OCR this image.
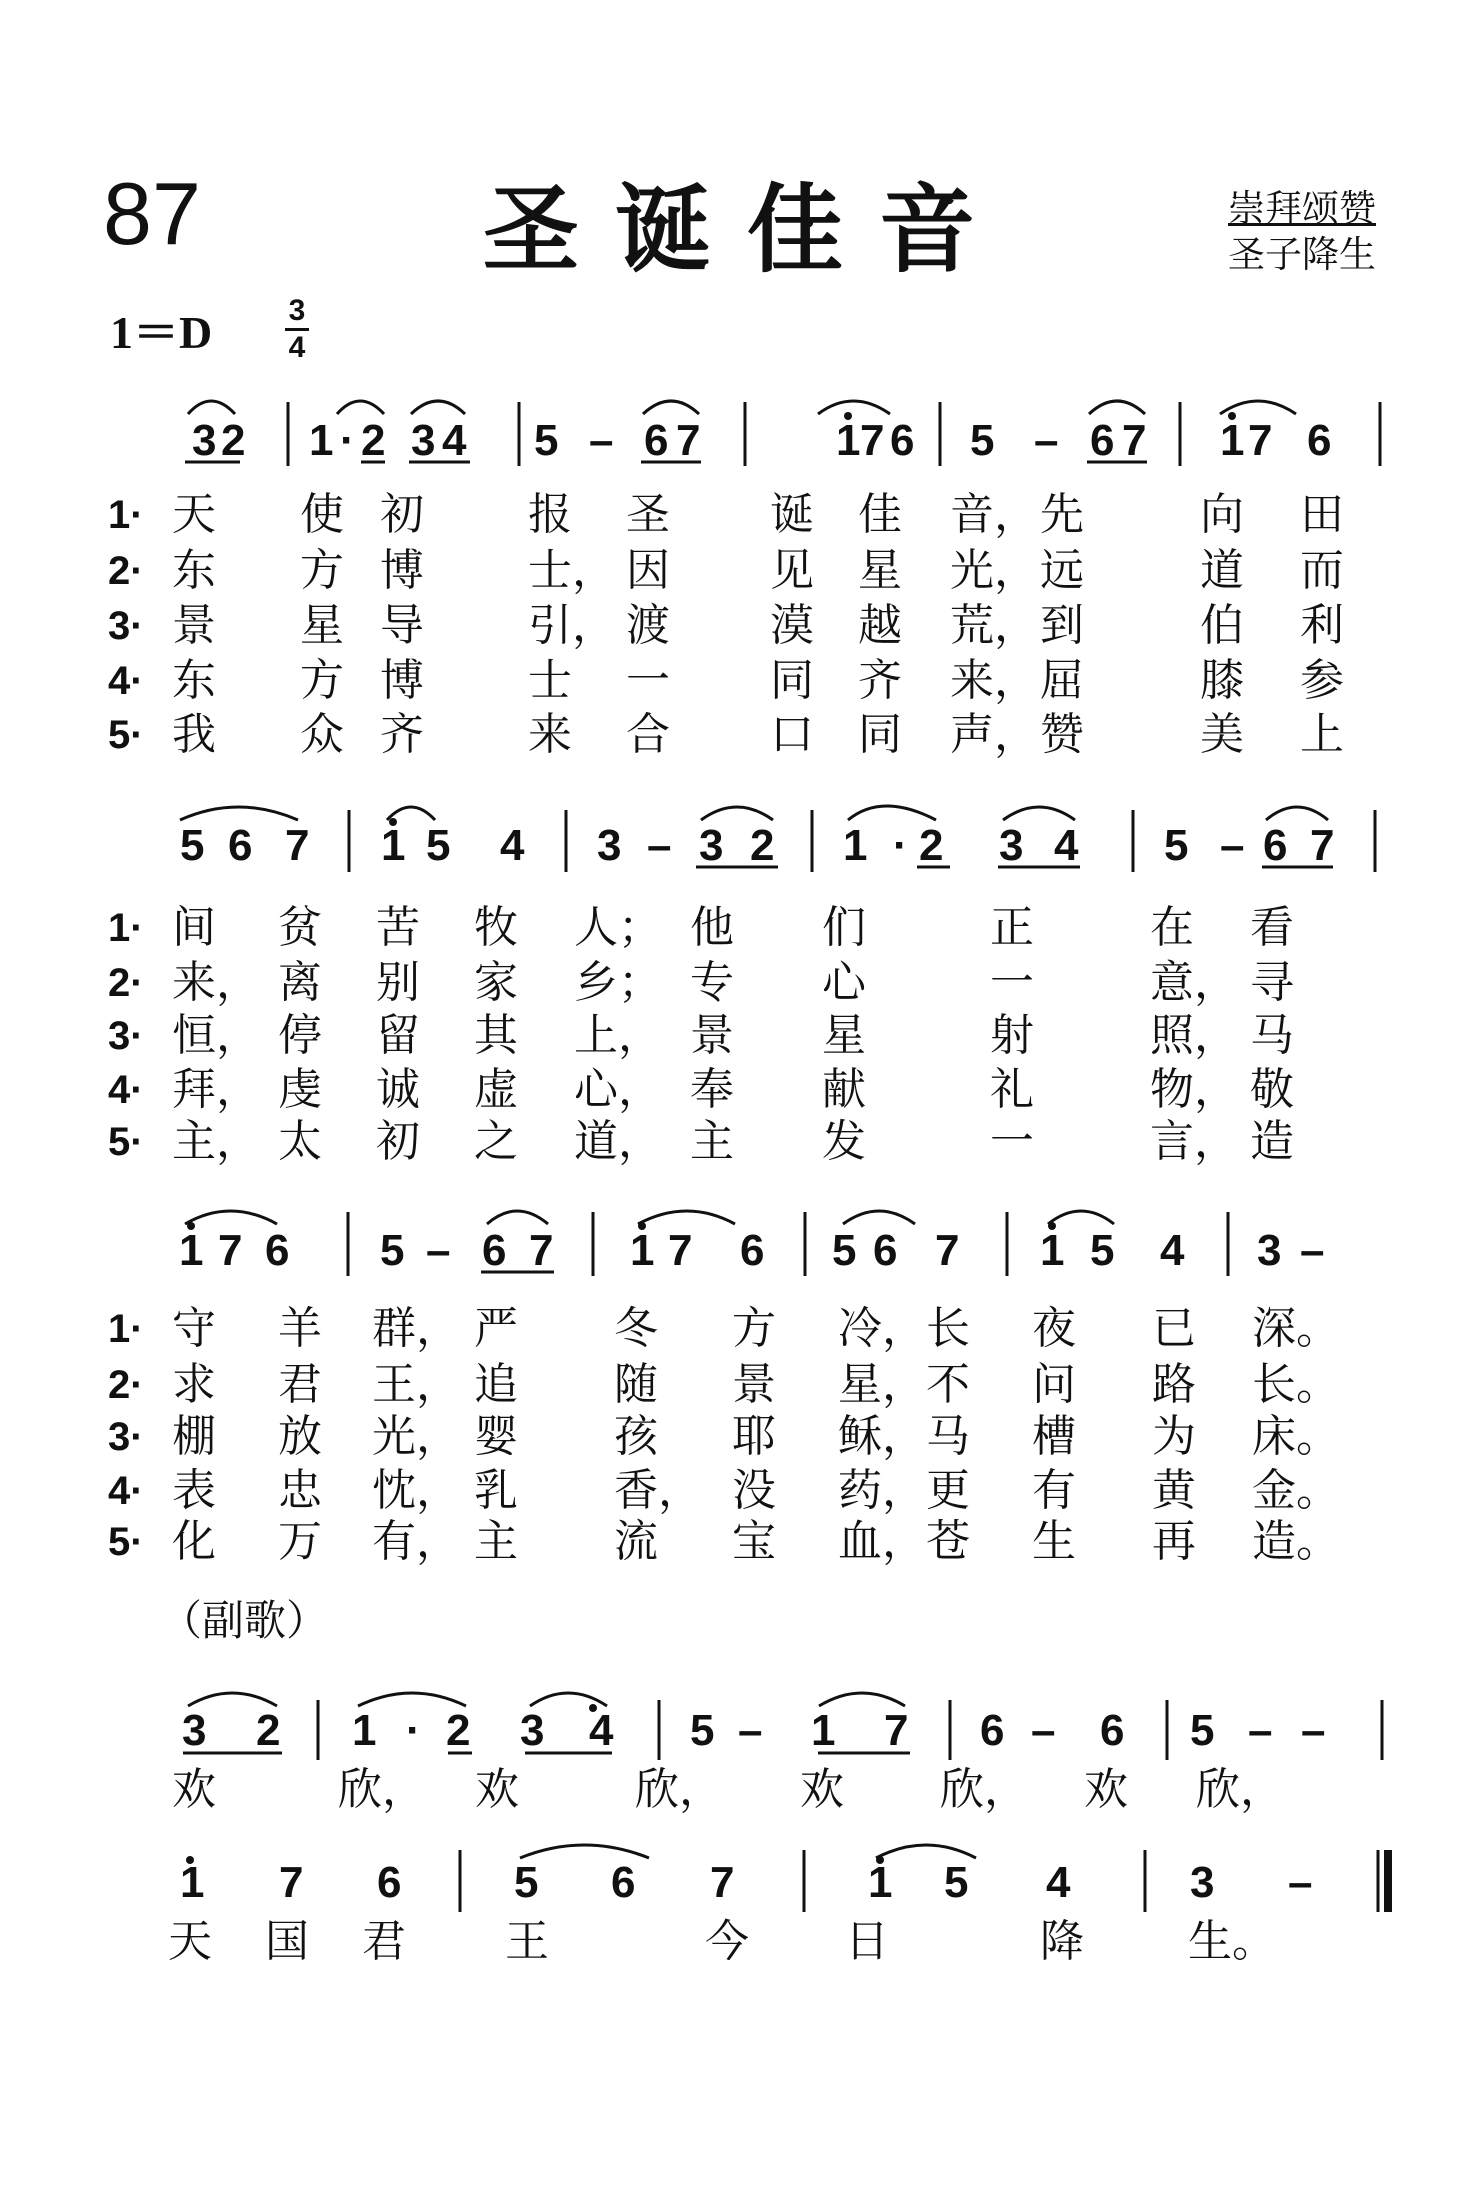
87	圣诞佳音	崇拜颂赞
圣子降生
1＝D	3
4
3 2 1 · 2 3 4 5 – 6 7	1 7 6 5 – 6 7 1 7 6
5 6 7 1 5 4 3 – 3 2 1 · 2 3 4 5 – 6 7
1 7 6 5 – 6 7 1 7 6 5 6 7 1 5 4 3 –
3 2 1 · 2 3 4 5 – 1 7 6 – 6 5 – –
1 7 6	5 6 7	1 5 4	3 –
1· 天 使 初 报 圣 诞 佳 音， 先	向 田
2· 东 方 博 士， 因 见 星 光， 远	道 而
3· 景 星 导 引， 渡 漠 越 荒， 到	伯 利
4· 东 方 博 士 一 同 齐 来， 屈	膝 参
5· 我 众 齐 来 合 口 同 声， 赞	美 上
1· 间 贫 苦 牧 人； 他 们	正	在 看
2· 来， 离 别 家 乡； 专 心	一	意， 寻
3· 恒， 停 留 其 上， 景 星	射	照， 马
4· 拜， 虔 诚 虚 心， 奉 献	礼	物， 敬
5· 主， 太 初 之 道， 主 发	一	言， 造
1· 守 羊 群， 严 冬 方 冷， 长 夜 已 深。
2· 求 君 王， 追 随 景 星， 不 问 路 长。
3· 棚 放 光， 婴 孩 耶 稣， 马 槽 为 床。
4· 表 忠 忱， 乳 香， 没 药， 更 有 黄 金。
5· 化 万 有， 主 流 宝 血， 苍 生 再 造。
欢	欣， 欢	欣， 欢 欣， 欢 欣，
天 国 君 王	今 日	降 生。
（副歌）
